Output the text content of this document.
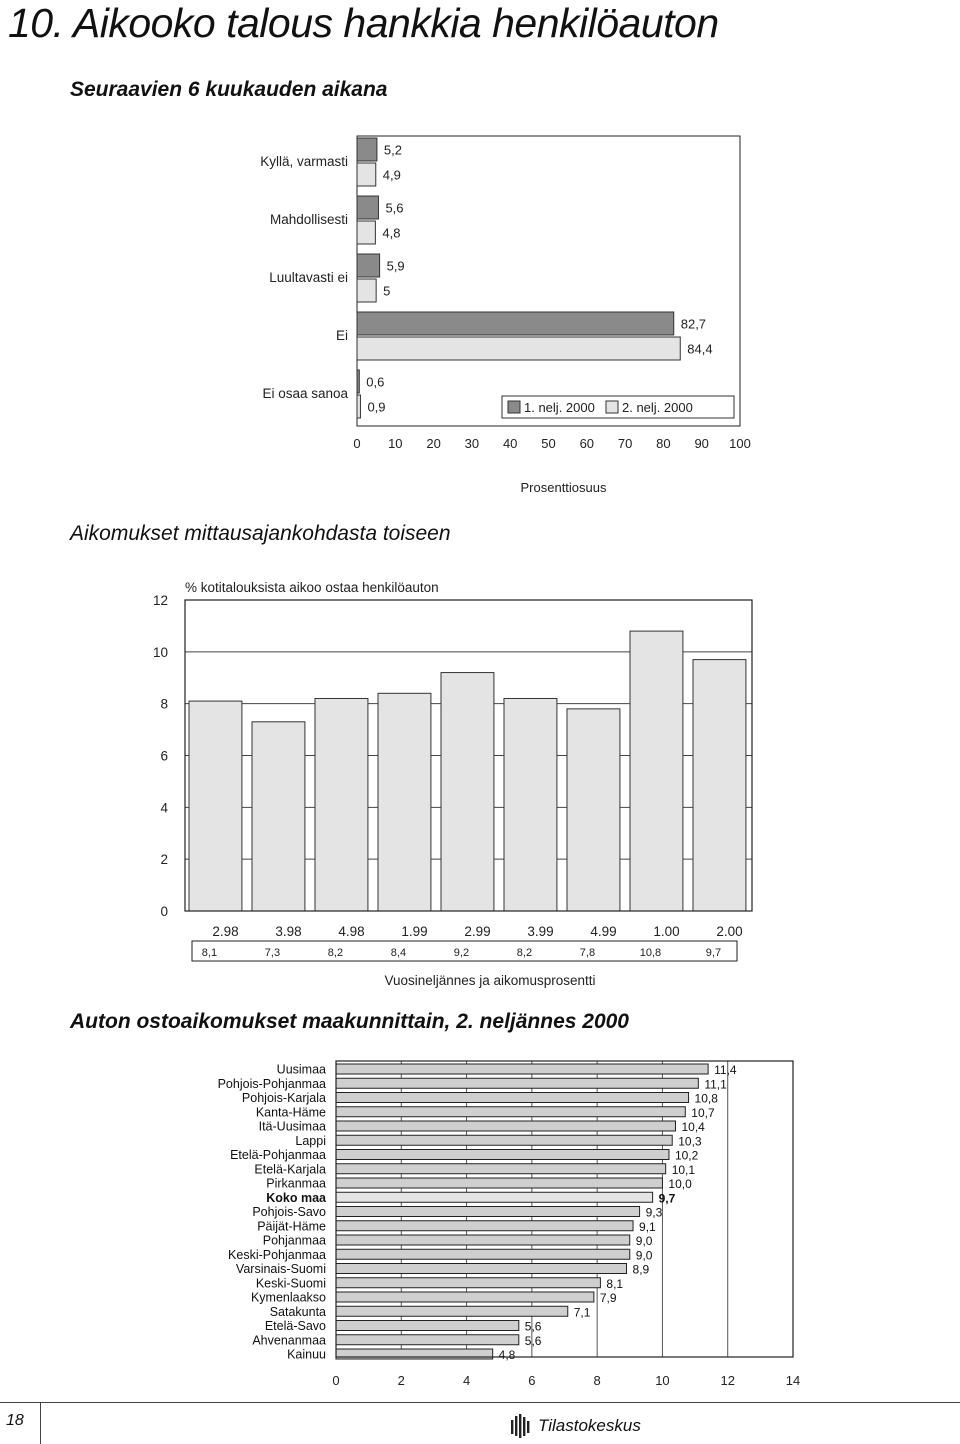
10. Aikooko talous hankkia henkilöauton
Seuraavien 6 kuukauden aikana
Kyllä, varmasti
5,2
4,9
Mahdollisesti
5,6
4,8
Luultavasti ei
5,9
5
Ei
82,7
84,4
Ei osaa sanoa
0,6
0,9	1. nelj. 2000 2. nelj. 2000
0 10 20 30 40 50 60 70 80 90 100
Prosenttiosuus
Aikomukset mittausajankohdasta toiseen
% kotitalouksista aikoo ostaa henkilöauton
0
2
4
6
8
10
12
2.98
8,1
3.98
7,3
4.98
8,2
1.99
8,4
2.99
9,2
3.99
8,2
4.99
7,8
1.00
10,8
2.00
9,7
Vuosineljännes ja aikomusprosentti
Auton ostoaikomukset maakunnittain, 2. neljännes 2000
0	2	4	6	8	10	12	14
Uusimaa	11,4
Pohjois-Pohjanmaa	11,1
Pohjois-Karjala	10,8
Kanta-Häme	10,7
Itä-Uusimaa	10,4
Lappi	10,3
Etelä-Pohjanmaa	10,2
Etelä-Karjala	10,1
Pirkanmaa	10,0
Koko maa	9,7
Pohjois-Savo	9,3
Päijät-Häme	9,1
Pohjanmaa	9,0
Keski-Pohjanmaa	9,0
Varsinais-Suomi	8,9
Keski-Suomi	8,1
Kymenlaakso	7,9
Satakunta	7,1
Etelä-Savo	5,6
Ahvenanmaa	5,6
Kainuu	4,8
18	Tilastokeskus
